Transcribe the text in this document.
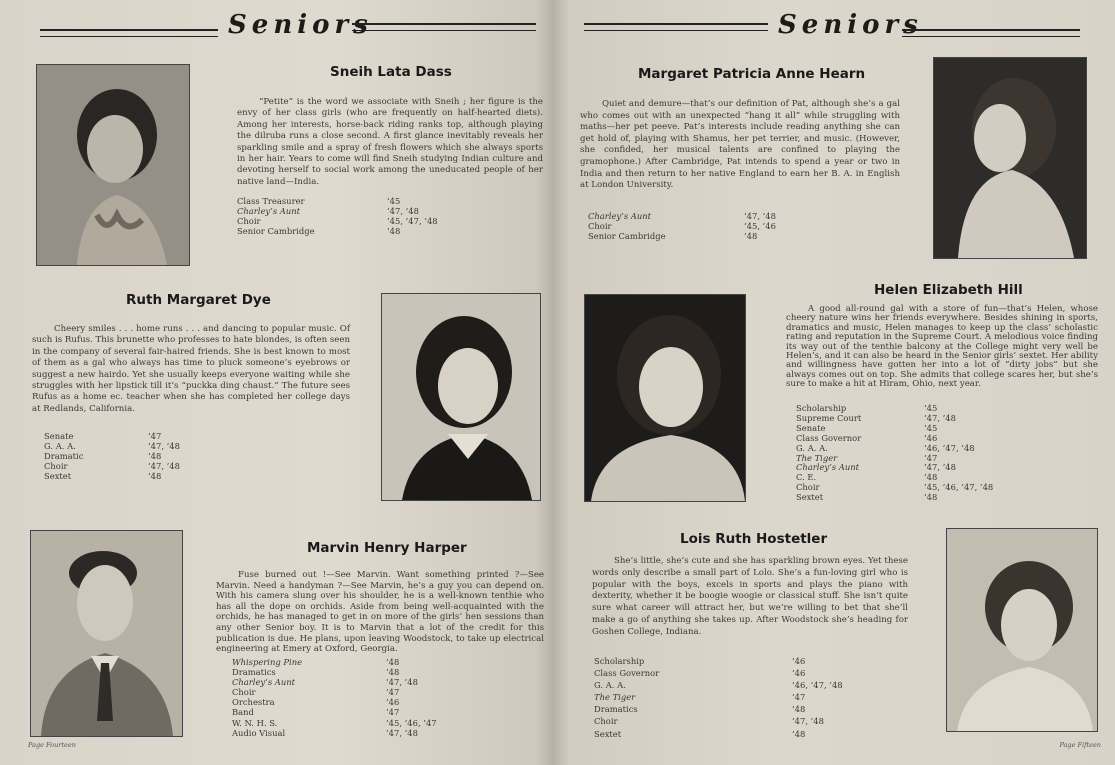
Seniors
Sneih Lata Dass
“Petite” is the word we associate with Sneih ; her figure is the envy of her class girls (who are frequently on half-hearted diets). Among her interests, horse-back riding ranks top, although playing the dilruba runs a close second. A first glance inevitably reveals her sparkling smile and a spray of fresh flowers which she always sports in her hair. Years to come will find Sneih studying Indian culture and devoting herself to social work among the uneducated people of her native land—India.
Class Treasurer	’45
Charley’s Aunt	’47, ’48
Choir	’45, ’47, ’48
Senior Cambridge	’48
Ruth Margaret Dye
Cheery smiles . . . home runs . . . and dancing to popular music. Of such is Rufus. This brunette who professes to hate blondes, is often seen in the company of several fair-haired friends. She is best known to most of them as a gal who always has time to pluck someone’s eyebrows or suggest a new hairdo. Yet she usually keeps everyone waiting while she struggles with her lipstick till it’s “puckka ding chaust.” The future sees Rufus as a home ec. teacher when she has completed her college days at Redlands, California.
Senate	’47
G. A. A.	’47, ’48
Dramatic	’48
Choir	’47, ’48
Sextet	’48
Marvin Henry Harper
Fuse burned out !—See Marvin. Want something printed ?—See Marvin. Need a handyman ?—See Marvin, he’s a guy you can depend on. With his camera slung over his shoulder, he is a well-known tenthie who has all the dope on orchids. Aside from being well-acquainted with the orchids, he has managed to get in on more of the girls’ hen sessions than any other Senior boy. It is to Marvin that a lot of the credit for this publication is due. He plans, upon leaving Woodstock, to take up electrical engineering at Emery at Oxford, Georgia.
Whispering Pine	’48
Dramatics	’48
Charley’s Aunt	’47, ’48
Choir	’47
Orchestra	’46
Band	’47
W. N. H. S.	’45, ’46, ’47
Audio Visual	’47, ’48
Page Fourteen
Seniors
Margaret Patricia Anne Hearn
Quiet and demure—that’s our definition of Pat, although she’s a gal who comes out with an unexpected “hang it all” while struggling with maths—her pet peeve. Pat’s interests include reading anything she can get hold of, playing with Shamus, her pet terrier, and music. (However, she confided, her musical talents are confined to playing the gramophone.) After Cambridge, Pat intends to spend a year or two in India and then return to her native England to earn her B. A. in English at London University.
Charley’s Aunt	’47, ’48
Choir	’45, ’46
Senior Cambridge	’48
Helen Elizabeth Hill
A good all-round gal with a store of fun—that’s Helen, whose cheery nature wins her friends everywhere. Besides shining in sports, dramatics and music, Helen manages to keep up the class’ scholastic rating and reputation in the Supreme Court. A melodious voice finding its way out of the tenthie balcony at the College might very well be Helen’s, and it can also be heard in the Senior girls’ sextet. Her ability and willingness have gotten her into a lot of “dirty jobs” but she always comes out on top. She admits that college scares her, but she’s sure to make a hit at Hiram, Ohio, next year.
Scholarship	’45
Supreme Court	’47, ’48
Senate	’45
Class Governor	’46
G. A. A.	’46, ’47, ’48
The Tiger	’47
Charley’s Aunt	’47, ’48
C. E.	’48
Choir	’45, ’46, ’47, ’48
Sextet	’48
Lois Ruth Hostetler
She’s little, she’s cute and she has sparkling brown eyes. Yet these words only describe a small part of Lolo. She’s a fun-loving girl who is popular with the boys, excels in sports and plays the piano with dexterity, whether it be boogie woogie or classical stuff. She isn’t quite sure what career will attract her, but we’re willing to bet that she’ll make a go of anything she takes up. After Woodstock she’s heading for Goshen College, Indiana.
Scholarship	’46
Class Governor	’46
G. A. A.	’46, ’47, ’48
The Tiger	’47
Dramatics	’48
Choir	’47, ’48
Sextet	’48
Page Fifteen
